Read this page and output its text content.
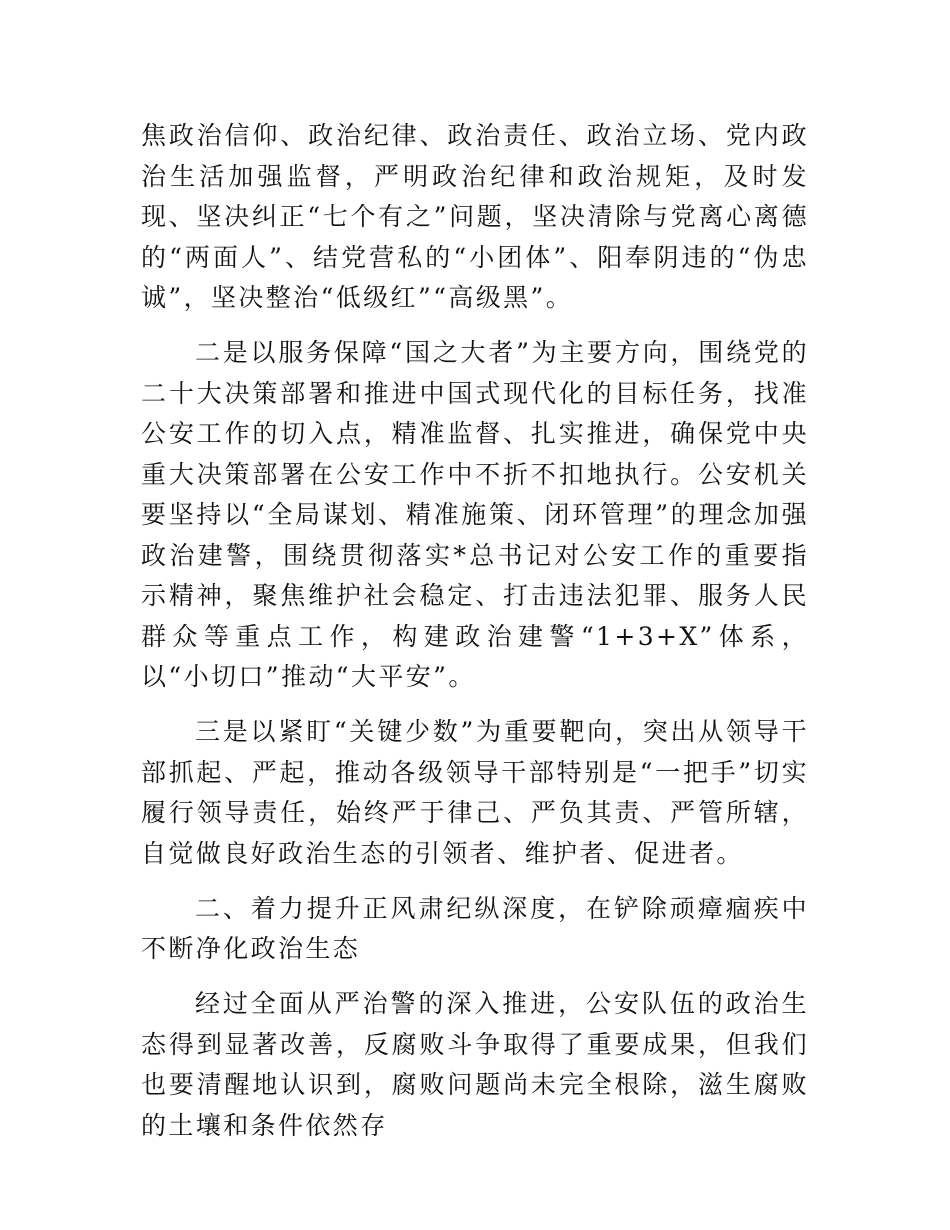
焦政治信仰、政治纪律、政治责任、政治立场、党内政治生活加强监督，严明政治纪律和政治规矩，及时发现、坚决纠正“七个有之”问题，坚决清除与党离心离德的“两面人”、结党营私的“小团体”、阳奉阴违的“伪忠诚”，坚决整治“低级红”“高级黑”。

二是以服务保障“国之大者”为主要方向，围绕党的二十大决策部署和推进中国式现代化的目标任务，找准公安工作的切入点，精准监督、扎实推进，确保党中央重大决策部署在公安工作中不折不扣地执行。公安机关要坚持以“全局谋划、精准施策、闭环管理”的理念加强政治建警，围绕贯彻落实*总书记对公安工作的重要指示精神，聚焦维护社会稳定、打击违法犯罪、服务人民群众等重点工作，构建政治建警“1+3+X”体系，以“小切口”推动“大平安”。

三是以紧盯“关键少数”为重要靶向，突出从领导干部抓起、严起，推动各级领导干部特别是“一把手”切实履行领导责任，始终严于律己、严负其责、严管所辖，自觉做良好政治生态的引领者、维护者、促进者。

二、着力提升正风肃纪纵深度，在铲除顽瘴痼疾中不断净化政治生态

经过全面从严治警的深入推进，公安队伍的政治生态得到显著改善，反腐败斗争取得了重要成果，但我们也要清醒地认识到，腐败问题尚未完全根除，滋生腐败的土壤和条件依然存
